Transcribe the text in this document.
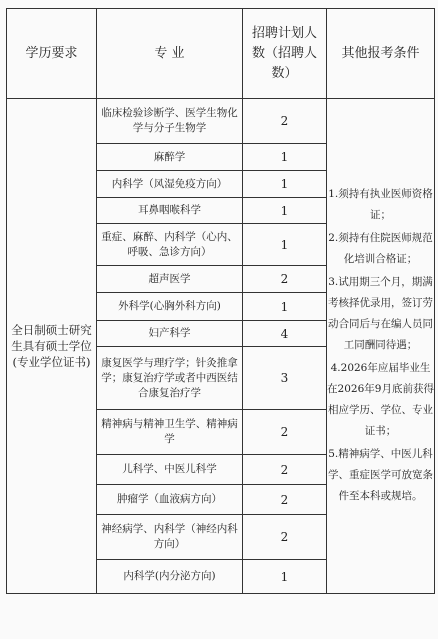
学历要求	专 业	招聘计划人
数（招聘人
数）	其他报考条件
全日制硕士研究生具有硕士学位(专业学位证书)	临床检验诊断学、医学生物化学与分子生物学	2	1.须持有执业医师资格证；

2.须持有住院医师规范化培训合格证；

3.试用期三个月，期满考核择优录用，签订劳动合同后与在编人员同工同酬同待遇；

4.2026年应届毕业生在2026年9月底前获得相应学历、学位、专业证书；

5.精神病学、中医儿科学、重症医学可放宽条件至本科或规培。

	麻醉学	1	
	内科学（风湿免疫方向）	1	
	耳鼻咽喉科学	1	
	重症、麻醉、内科学（心内、呼吸、急诊方向）	1	
	超声医学	2	
	外科学(心胸外科方向)	1	
	妇产科学	4	
	康复医学与理疗学；针灸推拿学；康复治疗学或者中西医结合康复治疗学	3	
	精神病与精神卫生学、精神病学	2	
	儿科学、中医儿科学	2	
	肿瘤学（血液病方向）	2	
	神经病学、内科学（神经内科方向）	2	
	内科学(内分泌方向)	1	
